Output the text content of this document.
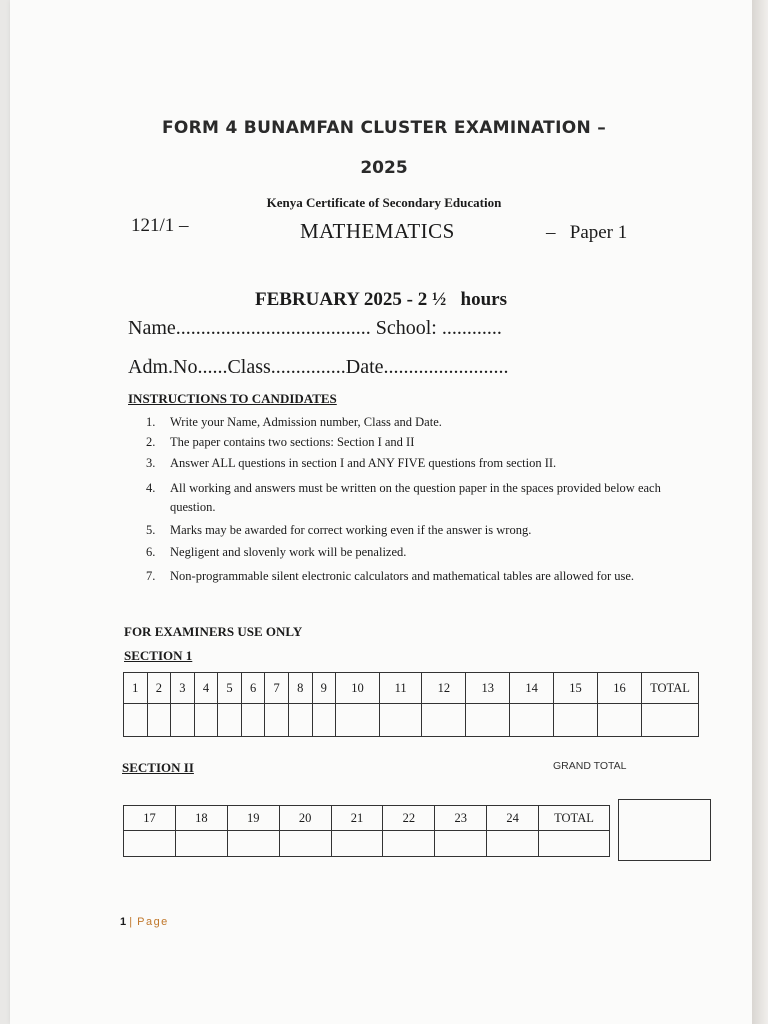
FORM 4 BUNAMFAN CLUSTER EXAMINATION –
2025
Kenya Certificate of Secondary Education
121/1 –	MATHEMATICS	–   Paper 1
FEBRUARY 2025 - 2 ½   hours
Name....................................... School: ............
Adm.No......Class...............Date.........................
INSTRUCTIONS TO CANDIDATES
1. Write your Name, Admission number, Class and Date.
2. The paper contains two sections: Section I and II
3. Answer ALL questions in section I and ANY FIVE questions from section II.
4. All working and answers must be written on the question paper in the spaces provided below each question.
5. Marks may be awarded for correct working even if the answer is wrong.
6. Negligent and slovenly work will be penalized.
7. Non-programmable silent electronic calculators and mathematical tables are allowed for use.
FOR EXAMINERS USE ONLY
SECTION 1
1	2	3	4	5	6	7	8	9	10	11	12	13	14	15	16	TOTAL

SECTION II	GRAND TOTAL
17	18	19	20	21	22	23	24	TOTAL

1 | Page
